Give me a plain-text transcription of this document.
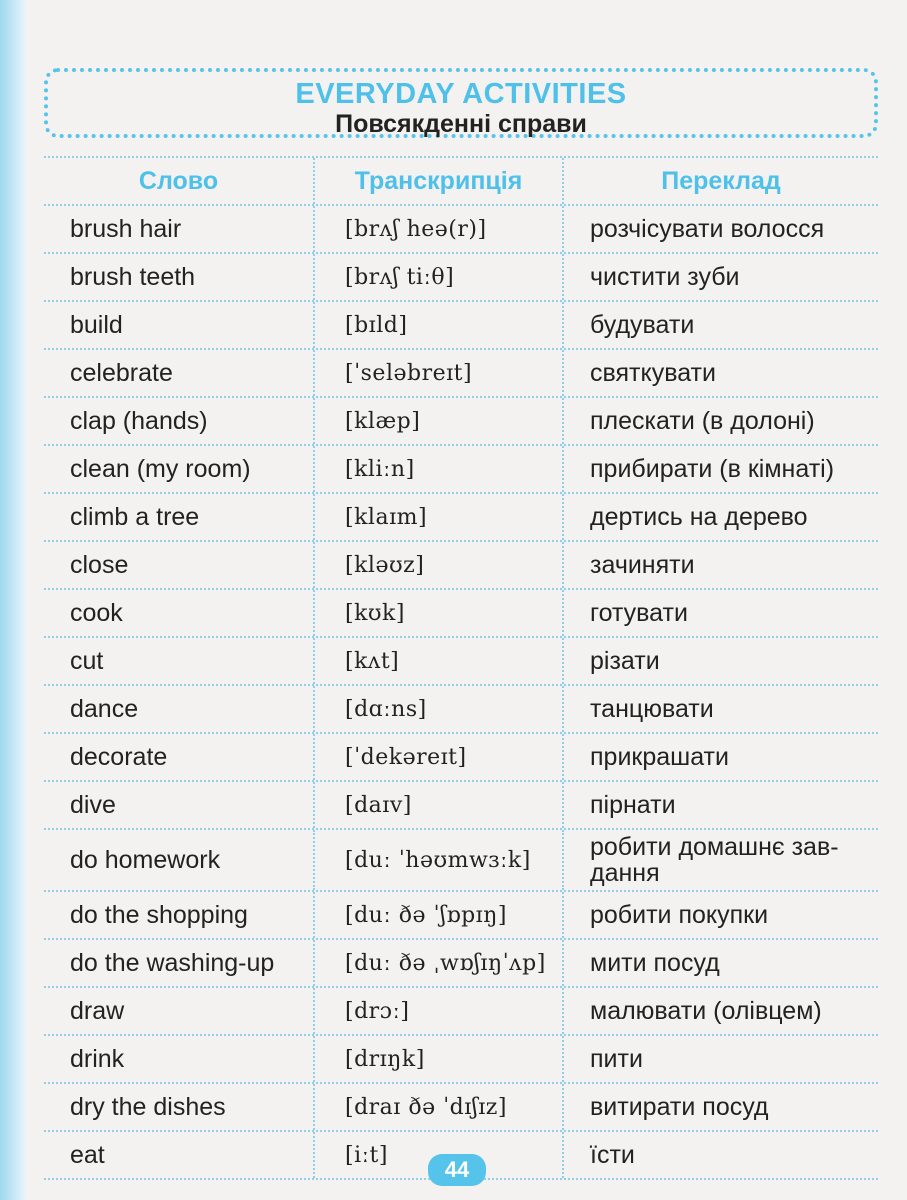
EVERYDAY ACTIVITIES
Повсякденні справи
Слово	Транскрипція	Переклад
brush hair	[brʌʃ heə(r)]	розчісувати волосся
brush teeth	[brʌʃ tiːθ]	чистити зуби
build	[bɪld]	будувати
celebrate	[ˈseləbreɪt]	святкувати
clap (hands)	[klæp]	плескати (в долоні)
clean (my room)	[kliːn]	прибирати (в кімнаті)
climb a tree	[klaɪm]	дертись на дерево
close	[kləʊz]	зачиняти
cook	[kʊk]	готувати
cut	[kʌt]	різати
dance	[dɑːns]	танцювати
decorate	[ˈdekəreɪt]	прикрашати
dive	[daɪv]	пірнати
do homework	[duː ˈhəʊmwɜːk]	робити домашнє зав-дання
do the shopping	[duː ðə ˈʃɒpɪŋ]	робити покупки
do the washing-up	[duː ðə ˌwɒʃɪŋˈʌp]	мити посуд
draw	[drɔː]	малювати (олівцем)
drink	[drɪŋk]	пити
dry the dishes	[draɪ ðə ˈdɪʃɪz]	витирати посуд
eat	[iːt]	їсти
44
